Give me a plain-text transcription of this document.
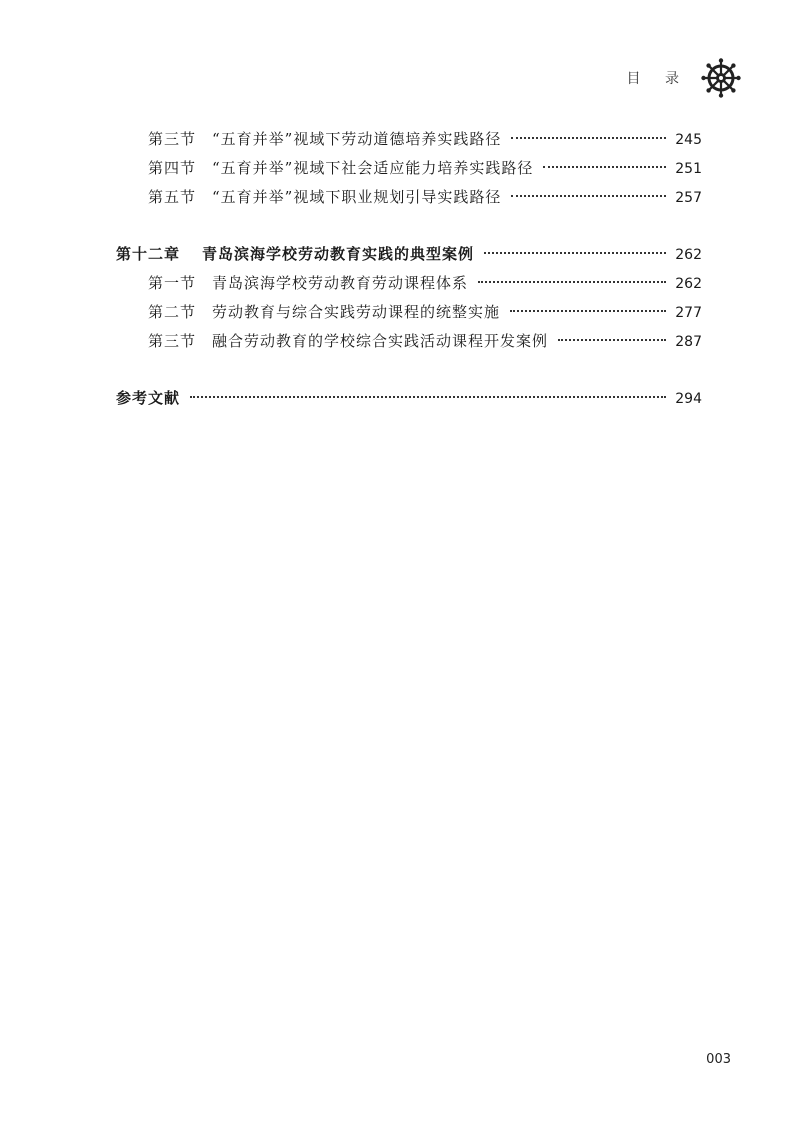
目 录
第三节 “五育并举”视域下劳动道德培养实践路径	245
第四节 “五育并举”视域下社会适应能力培养实践路径	251
第五节 “五育并举”视域下职业规划引导实践路径	257
第十二章 青岛滨海学校劳动教育实践的典型案例	262
第一节 青岛滨海学校劳动教育劳动课程体系	262
第二节 劳动教育与综合实践劳动课程的统整实施	277
第三节 融合劳动教育的学校综合实践活动课程开发案例	287
参考文献	294
003
